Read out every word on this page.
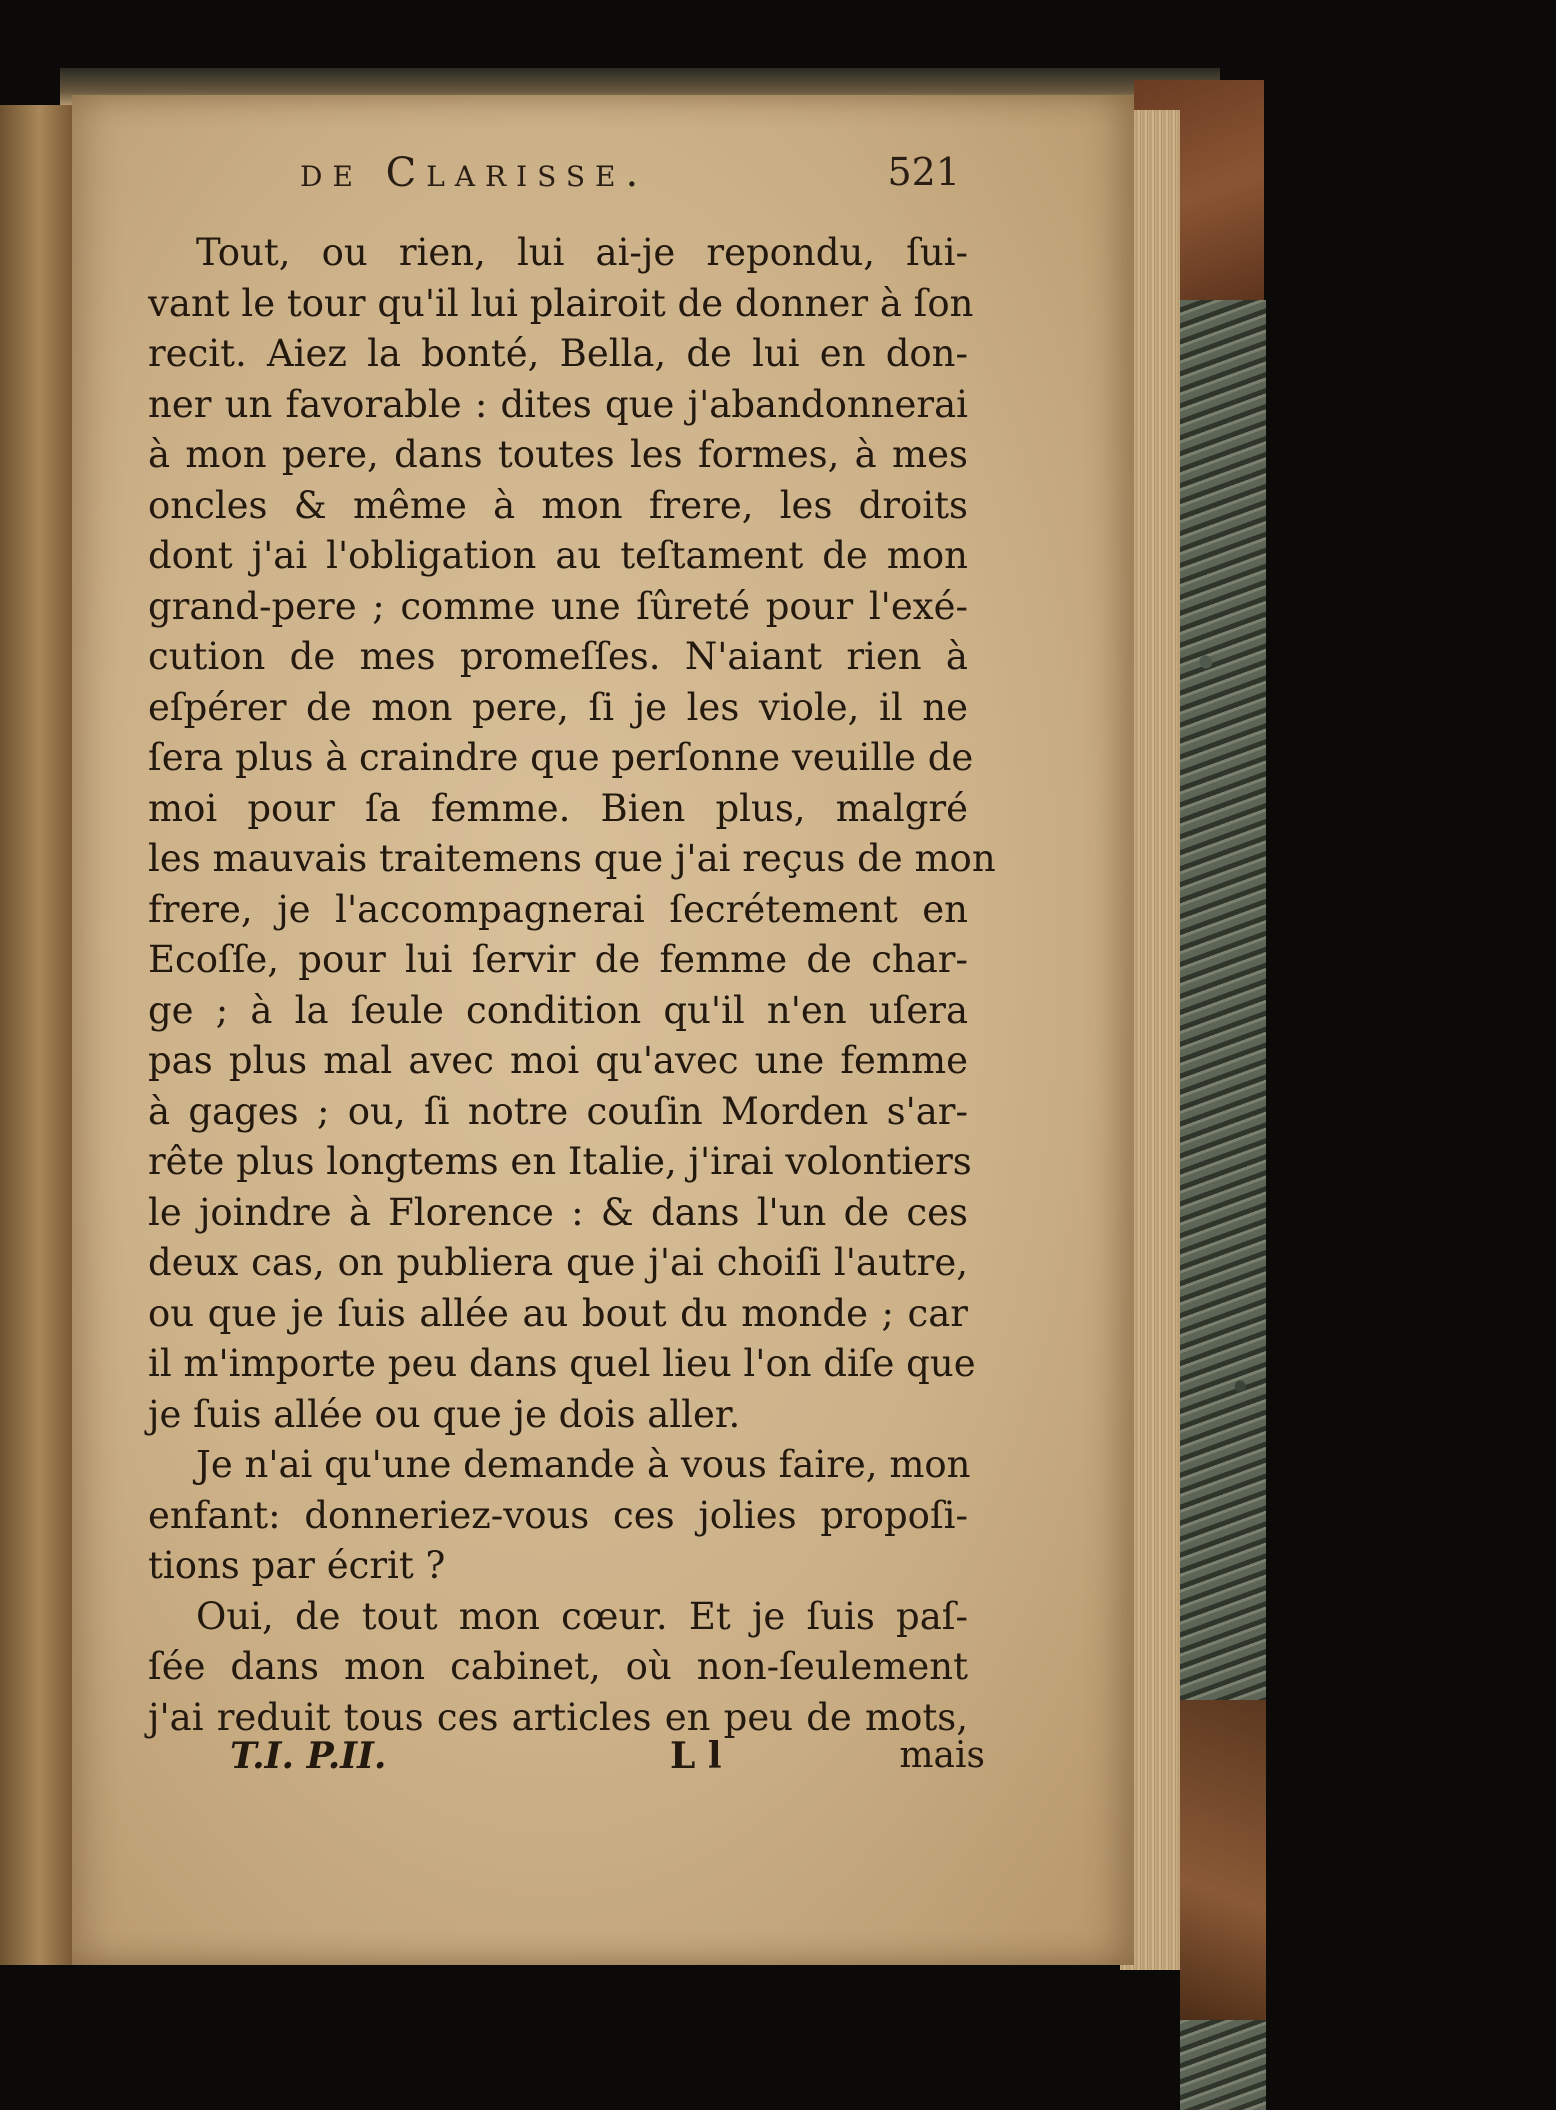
de Clarisse.	521
Tout, ou rien, lui ai-je repondu, ſui-
vant le tour qu'il lui plairoit de donner à ſon
recit. Aiez la bonté, Bella, de lui en don-
ner un favorable : dites que j'abandonnerai
à mon pere, dans toutes les formes, à mes
oncles & même à mon frere, les droits
dont j'ai l'obligation au teſtament de mon
grand-pere ; comme une ſûreté pour l'exé-
cution de mes promeſſes. N'aiant rien à
eſpérer de mon pere, ſi je les viole, il ne
ſera plus à craindre que perſonne veuille de
moi pour ſa femme. Bien plus, malgré
les mauvais traitemens que j'ai reçus de mon
frere, je l'accompagnerai ſecrétement en
Ecoſſe, pour lui ſervir de femme de char-
ge ; à la ſeule condition qu'il n'en uſera
pas plus mal avec moi qu'avec une femme
à gages ; ou, ſi notre couſin Morden s'ar-
rête plus longtems en Italie, j'irai volontiers
le joindre à Florence : & dans l'un de ces
deux cas, on publiera que j'ai choiſi l'autre,
ou que je ſuis allée au bout du monde ; car
il m'importe peu dans quel lieu l'on diſe que
je ſuis allée ou que je dois aller.
Je n'ai qu'une demande à vous faire, mon
enfant: donneriez-vous ces jolies propoſi-
tions par écrit ?
Oui, de tout mon cœur. Et je ſuis paſ-
ſée dans mon cabinet, où non-ſeulement
j'ai reduit tous ces articles en peu de mots,
T.I. P.II.	L l	mais
